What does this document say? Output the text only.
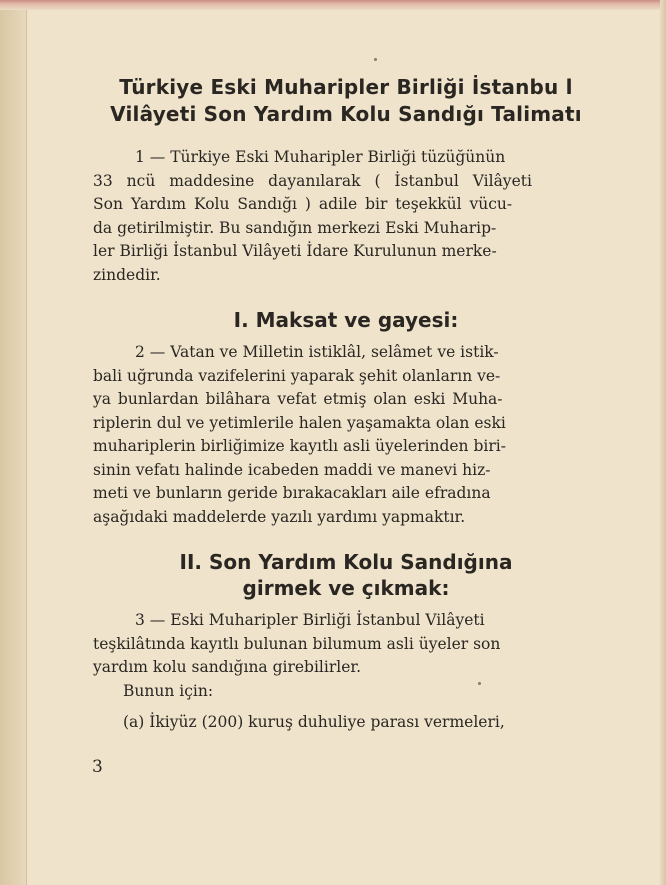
Türkiye Eski Muharipler Birliği İstanbu l
Vilâyeti Son Yardım Kolu Sandığı Talimatı
1 — Türkiye Eski Muharipler Birliği tüzüğünün
33 ncü maddesine dayanılarak ( İstanbul Vilâyeti
Son Yardım Kolu Sandığı ) adile bir teşekkül vücu-
da getirilmiştir. Bu sandığın merkezi Eski Muharip-
ler Birliği İstanbul Vilâyeti İdare Kurulunun merke-
zindedir.
I. Maksat ve gayesi:
2 — Vatan ve Milletin istiklâl, selâmet ve istik-
bali uğrunda vazifelerini yaparak şehit olanların ve-
ya bunlardan bilâhara vefat etmiş olan eski Muha-
riplerin dul ve yetimlerile halen yaşamakta olan eski
muhariplerin birliğimize kayıtlı asli üyelerinden biri-
sinin vefatı halinde icabeden maddi ve manevi hiz-
meti ve bunların geride bırakacakları aile efradına
aşağıdaki maddelerde yazılı yardımı yapmaktır.
II. Son Yardım Kolu Sandığına
girmek ve çıkmak:
3 — Eski Muharipler Birliği İstanbul Vilâyeti
teşkilâtında kayıtlı bulunan bilumum asli üyeler son
yardım kolu sandığına girebilirler.
Bunun için:
(a) İkiyüz (200) kuruş duhuliye parası vermeleri,
3
